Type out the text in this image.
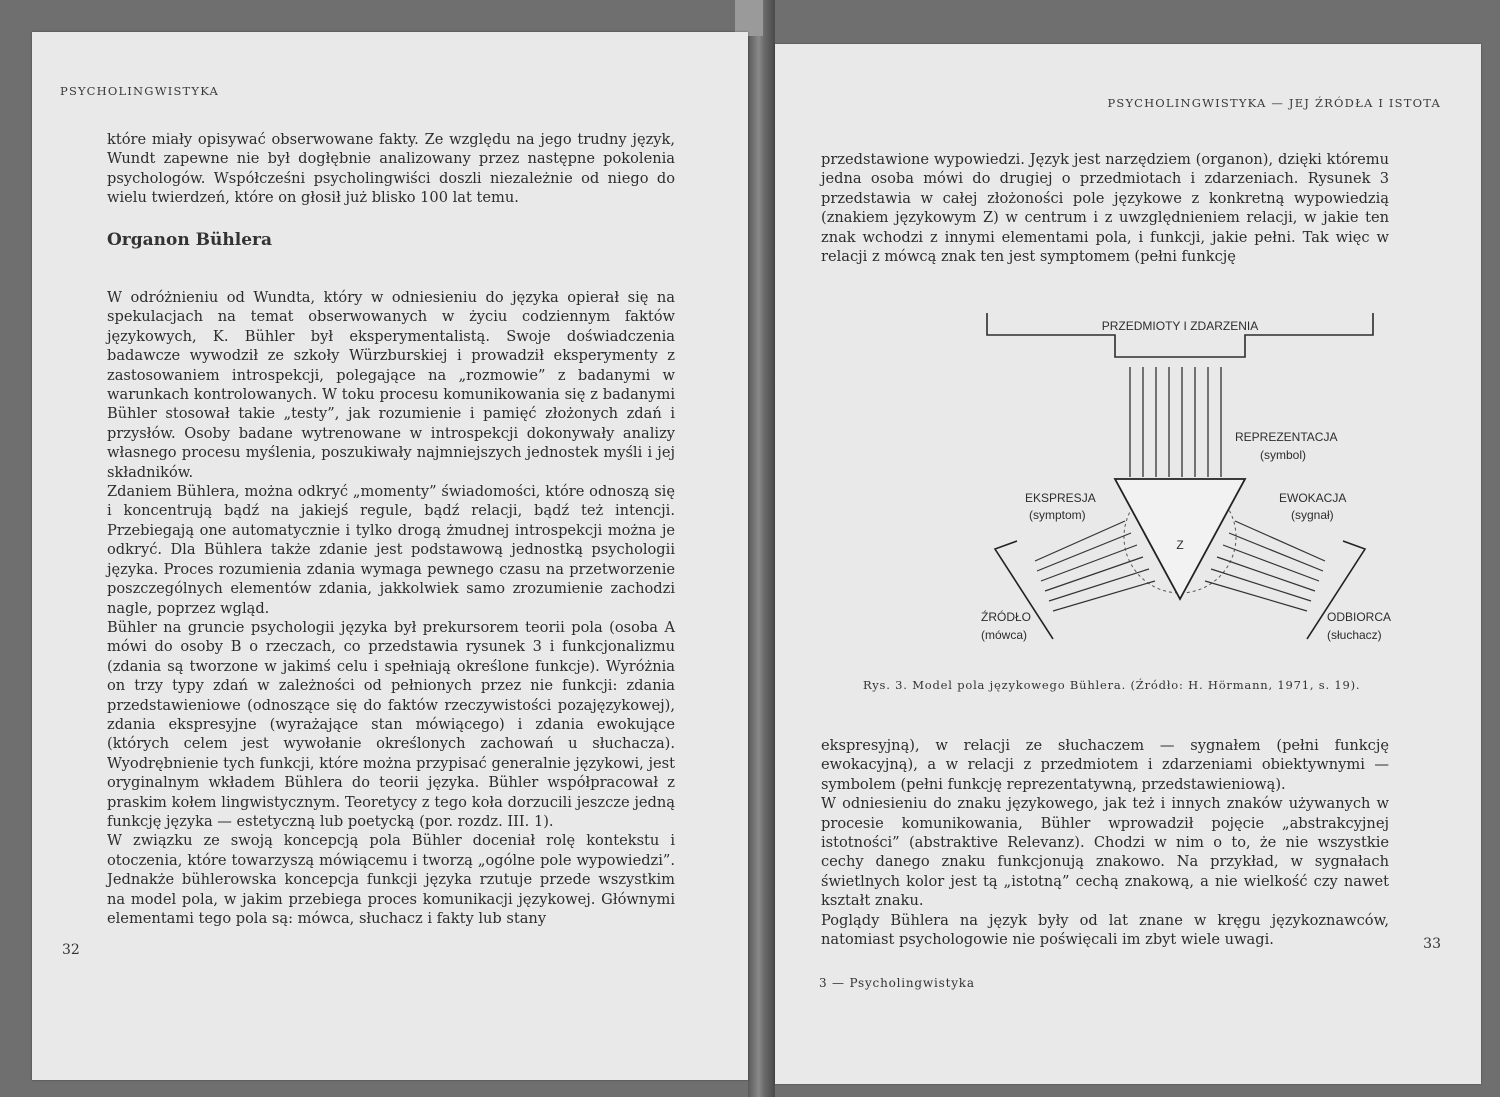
PSYCHOLINGWISTYKA

które miały opisywać obserwowane fakty. Ze względu na jego trudny język, Wundt zapewne nie był dogłębnie analizowany przez następne pokolenia psychologów. Współcześni psycholingwiści doszli niezależnie od niego do wielu twierdzeń, które on głosił już blisko 100 lat temu.

Organon Bühlera

W odróżnieniu od Wundta, który w odniesieniu do języka opierał się na spekulacjach na temat obserwowanych w życiu codziennym faktów językowych, K. Bühler był eksperymentalistą. Swoje doświadczenia badawcze wywodził ze szkoły Würzburskiej i prowadził eksperymenty z zastosowaniem introspekcji, polegające na „rozmowie” z badanymi w warunkach kontrolowanych. W toku procesu komunikowania się z badanymi Bühler stosował takie „testy”, jak rozumienie i pamięć złożonych zdań i przysłów. Osoby badane wytrenowane w introspekcji dokonywały analizy własnego procesu myślenia, poszukiwały najmniejszych jednostek myśli i jej składników.

Zdaniem Bühlera, można odkryć „momenty” świadomości, które odnoszą się i koncentrują bądź na jakiejś regule, bądź relacji, bądź też intencji. Przebiegają one automatycznie i tylko drogą żmudnej introspekcji można je odkryć. Dla Bühlera także zdanie jest podstawową jednostką psychologii języka. Proces rozumienia zdania wymaga pewnego czasu na przetworzenie poszczególnych elementów zdania, jakkolwiek samo zrozumienie zachodzi nagle, poprzez wgląd.

Bühler na gruncie psychologii języka był prekursorem teorii pola (osoba A mówi do osoby B o rzeczach, co przedstawia rysunek 3 i funkcjonalizmu (zdania są tworzone w jakimś celu i spełniają określone funkcje). Wyróżnia on trzy typy zdań w zależności od pełnionych przez nie funkcji: zdania przedstawieniowe (odnoszące się do faktów rzeczywistości pozajęzykowej), zdania ekspresyjne (wyrażające stan mówiącego) i zdania ewokujące (których celem jest wywołanie określonych zachowań u słuchacza). Wyodrębnienie tych funkcji, które można przypisać generalnie językowi, jest oryginalnym wkładem Bühlera do teorii języka. Bühler współpracował z praskim kołem lingwistycznym. Teoretycy z tego koła dorzucili jeszcze jedną funkcję języka — estetyczną lub poetycką (por. rozdz. III. 1).

W związku ze swoją koncepcją pola Bühler doceniał rolę kontekstu i otoczenia, które towarzyszą mówiącemu i tworzą „ogólne pole wypowiedzi”. Jednakże bühlerowska koncepcja funkcji języka rzutuje przede wszystkim na model pola, w jakim przebiega proces komunikacji językowej. Głównymi elementami tego pola są: mówca, słuchacz i fakty lub stany

32

PSYCHOLINGWISTYKA — JEJ ŹRÓDŁA I ISTOTA

przedstawione wypowiedzi. Język jest narzędziem (organon), dzięki któremu jedna osoba mówi do drugiej o przedmiotach i zdarzeniach. Rysunek 3 przedstawia w całej złożoności pole językowe z konkretną wypowiedzią (znakiem językowym Z) w centrum i z uwzględnieniem relacji, w jakie ten znak wchodzi z innymi elementami pola, i funkcji, jakie pełni. Tak więc w relacji z mówcą znak ten jest symptomem (pełni funkcję

PRZEDMIOTY I ZDARZENIA
REPREZENTACJA
(symbol)
Z
EKSPRESJA
(symptom)
EWOKACJA
(sygnał)
ŹRÓDŁO
(mówca)
ODBIORCA
(słuchacz)

Rys. 3. Model pola językowego Bühlera. (Źródło: H. Hörmann, 1971, s. 19).

ekspresyjną), w relacji ze słuchaczem — sygnałem (pełni funkcję ewokacyjną), a w relacji z przedmiotem i zdarzeniami obiektywnymi — symbolem (pełni funkcję reprezentatywną, przedstawieniową).

W odniesieniu do znaku językowego, jak też i innych znaków używanych w procesie komunikowania, Bühler wprowadził pojęcie „abstrakcyjnej istotności” (abstraktive Relevanz). Chodzi w nim o to, że nie wszystkie cechy danego znaku funkcjonują znakowo. Na przykład, w sygnałach świetlnych kolor jest tą „istotną” cechą znakową, a nie wielkość czy nawet kształt znaku.

Poglądy Bühlera na język były od lat znane w kręgu językoznawców, natomiast psychologowie nie poświęcali im zbyt wiele uwagi.	33

3 — Psycholingwistyka
